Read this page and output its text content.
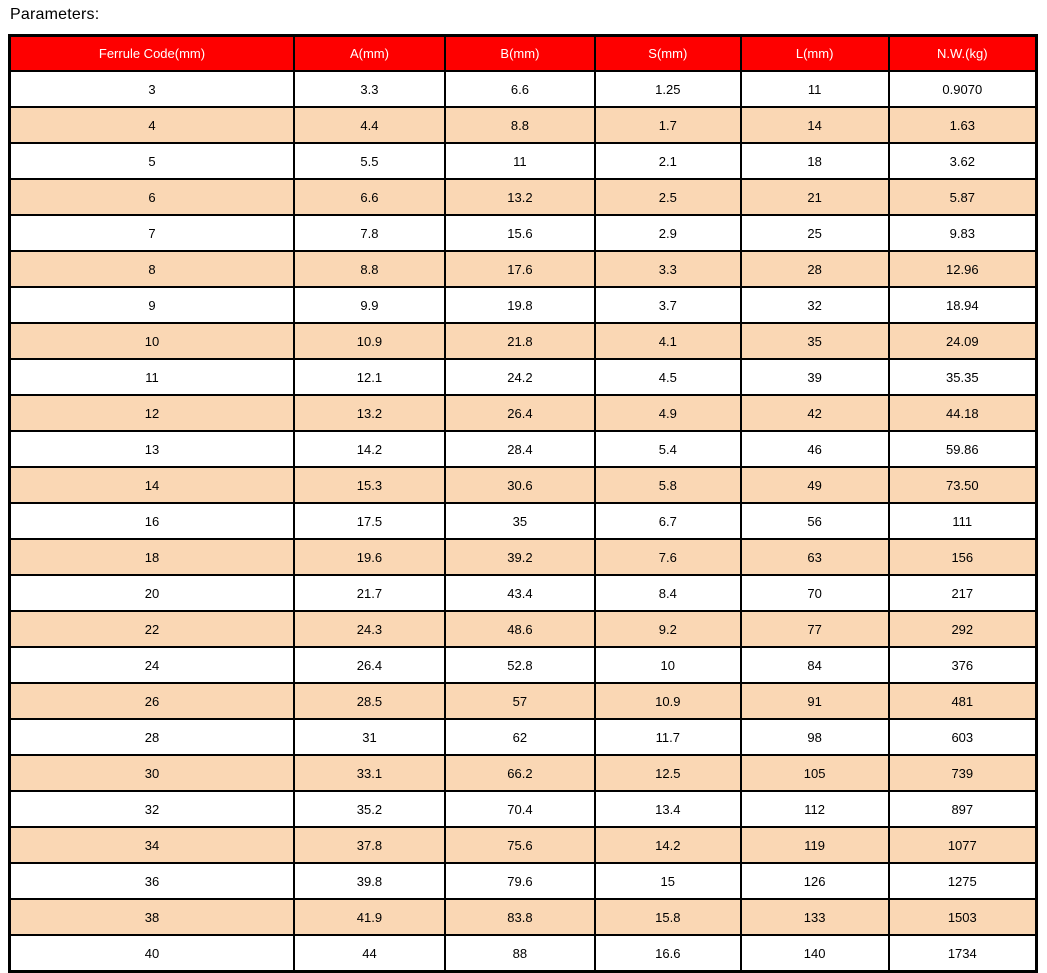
Parameters:
Ferrule Code(mm)	A(mm)	B(mm)	S(mm)	L(mm)	N.W.(kg)
3	3.3	6.6	1.25	11	0.9070
4	4.4	8.8	1.7	14	1.63
5	5.5	11	2.1	18	3.62
6	6.6	13.2	2.5	21	5.87
7	7.8	15.6	2.9	25	9.83
8	8.8	17.6	3.3	28	12.96
9	9.9	19.8	3.7	32	18.94
10	10.9	21.8	4.1	35	24.09
11	12.1	24.2	4.5	39	35.35
12	13.2	26.4	4.9	42	44.18
13	14.2	28.4	5.4	46	59.86
14	15.3	30.6	5.8	49	73.50
16	17.5	35	6.7	56	111
18	19.6	39.2	7.6	63	156
20	21.7	43.4	8.4	70	217
22	24.3	48.6	9.2	77	292
24	26.4	52.8	10	84	376
26	28.5	57	10.9	91	481
28	31	62	11.7	98	603
30	33.1	66.2	12.5	105	739
32	35.2	70.4	13.4	112	897
34	37.8	75.6	14.2	119	1077
36	39.8	79.6	15	126	1275
38	41.9	83.8	15.8	133	1503
40	44	88	16.6	140	1734
